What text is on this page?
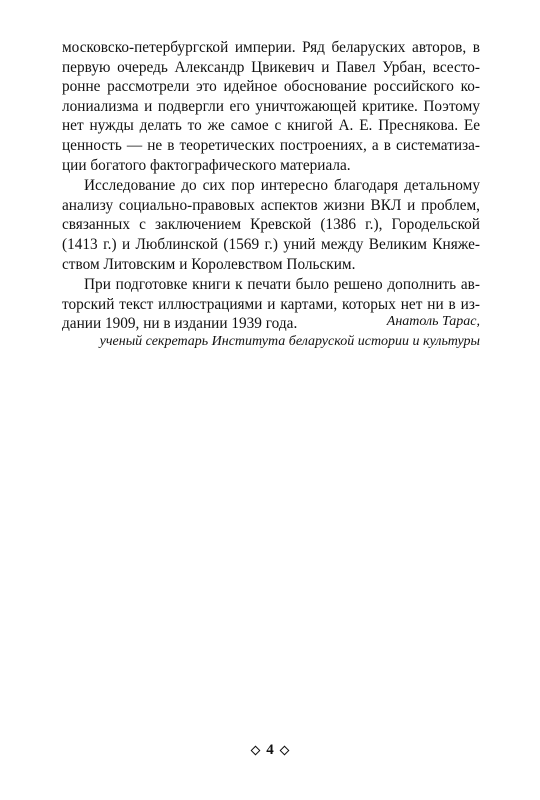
московско-петербургской империи. Ряд беларуских авторов, в
первую очередь Александр Цвикевич и Павел Урбан, всесто-
ронне рассмотрели это идейное обоснование российского ко-
лониализма и подвергли его уничтожающей критике. Поэтому
нет нужды делать то же самое с книгой А. Е. Преснякова. Ее
ценность — не в теоретических построениях, а в систематиза-
ции богатого фактографического материала.
Исследование до сих пор интересно благодаря детальному
анализу социально-правовых аспектов жизни ВКЛ и проблем,
связанных с заключением Кревской (1386 г.), Городельской
(1413 г.) и Люблинской (1569 г.) уний между Великим Княже-
ством Литовским и Королевством Польским.
При подготовке книги к печати было решено дополнить ав-
торский текст иллюстрациями и картами, которых нет ни в из-
дании 1909, ни в издании 1939 года.	Анатоль Тарас,
ученый секретарь Института беларуской истории и культуры
4
